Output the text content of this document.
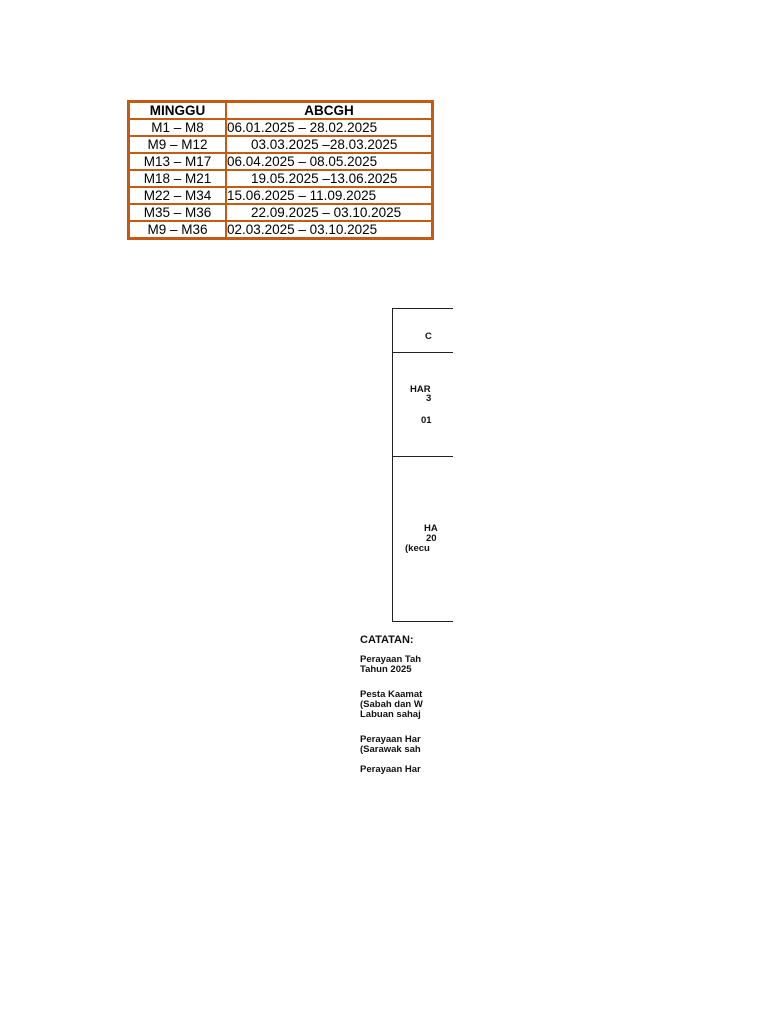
MINGGU	ABCGH
M1 – M8	06.01.2025 – 28.02.2025
M9 – M12	03.03.2025 –28.03.2025
M13 – M17	06.04.2025 – 08.05.2025
M18 – M21	19.05.2025 –13.06.2025
M22 – M34	15.06.2025 – 11.09.2025
M35 – M36	22.09.2025 – 03.10.2025
M9 – M36	02.03.2025 – 03.10.2025
C
HAR
3
01
HA
20
(kecu
CATATAN:
Perayaan Tah
Tahun 2025
Pesta Kaamat
(Sabah dan W
Labuan sahaj
Perayaan Har
(Sarawak sah
Perayaan Har
